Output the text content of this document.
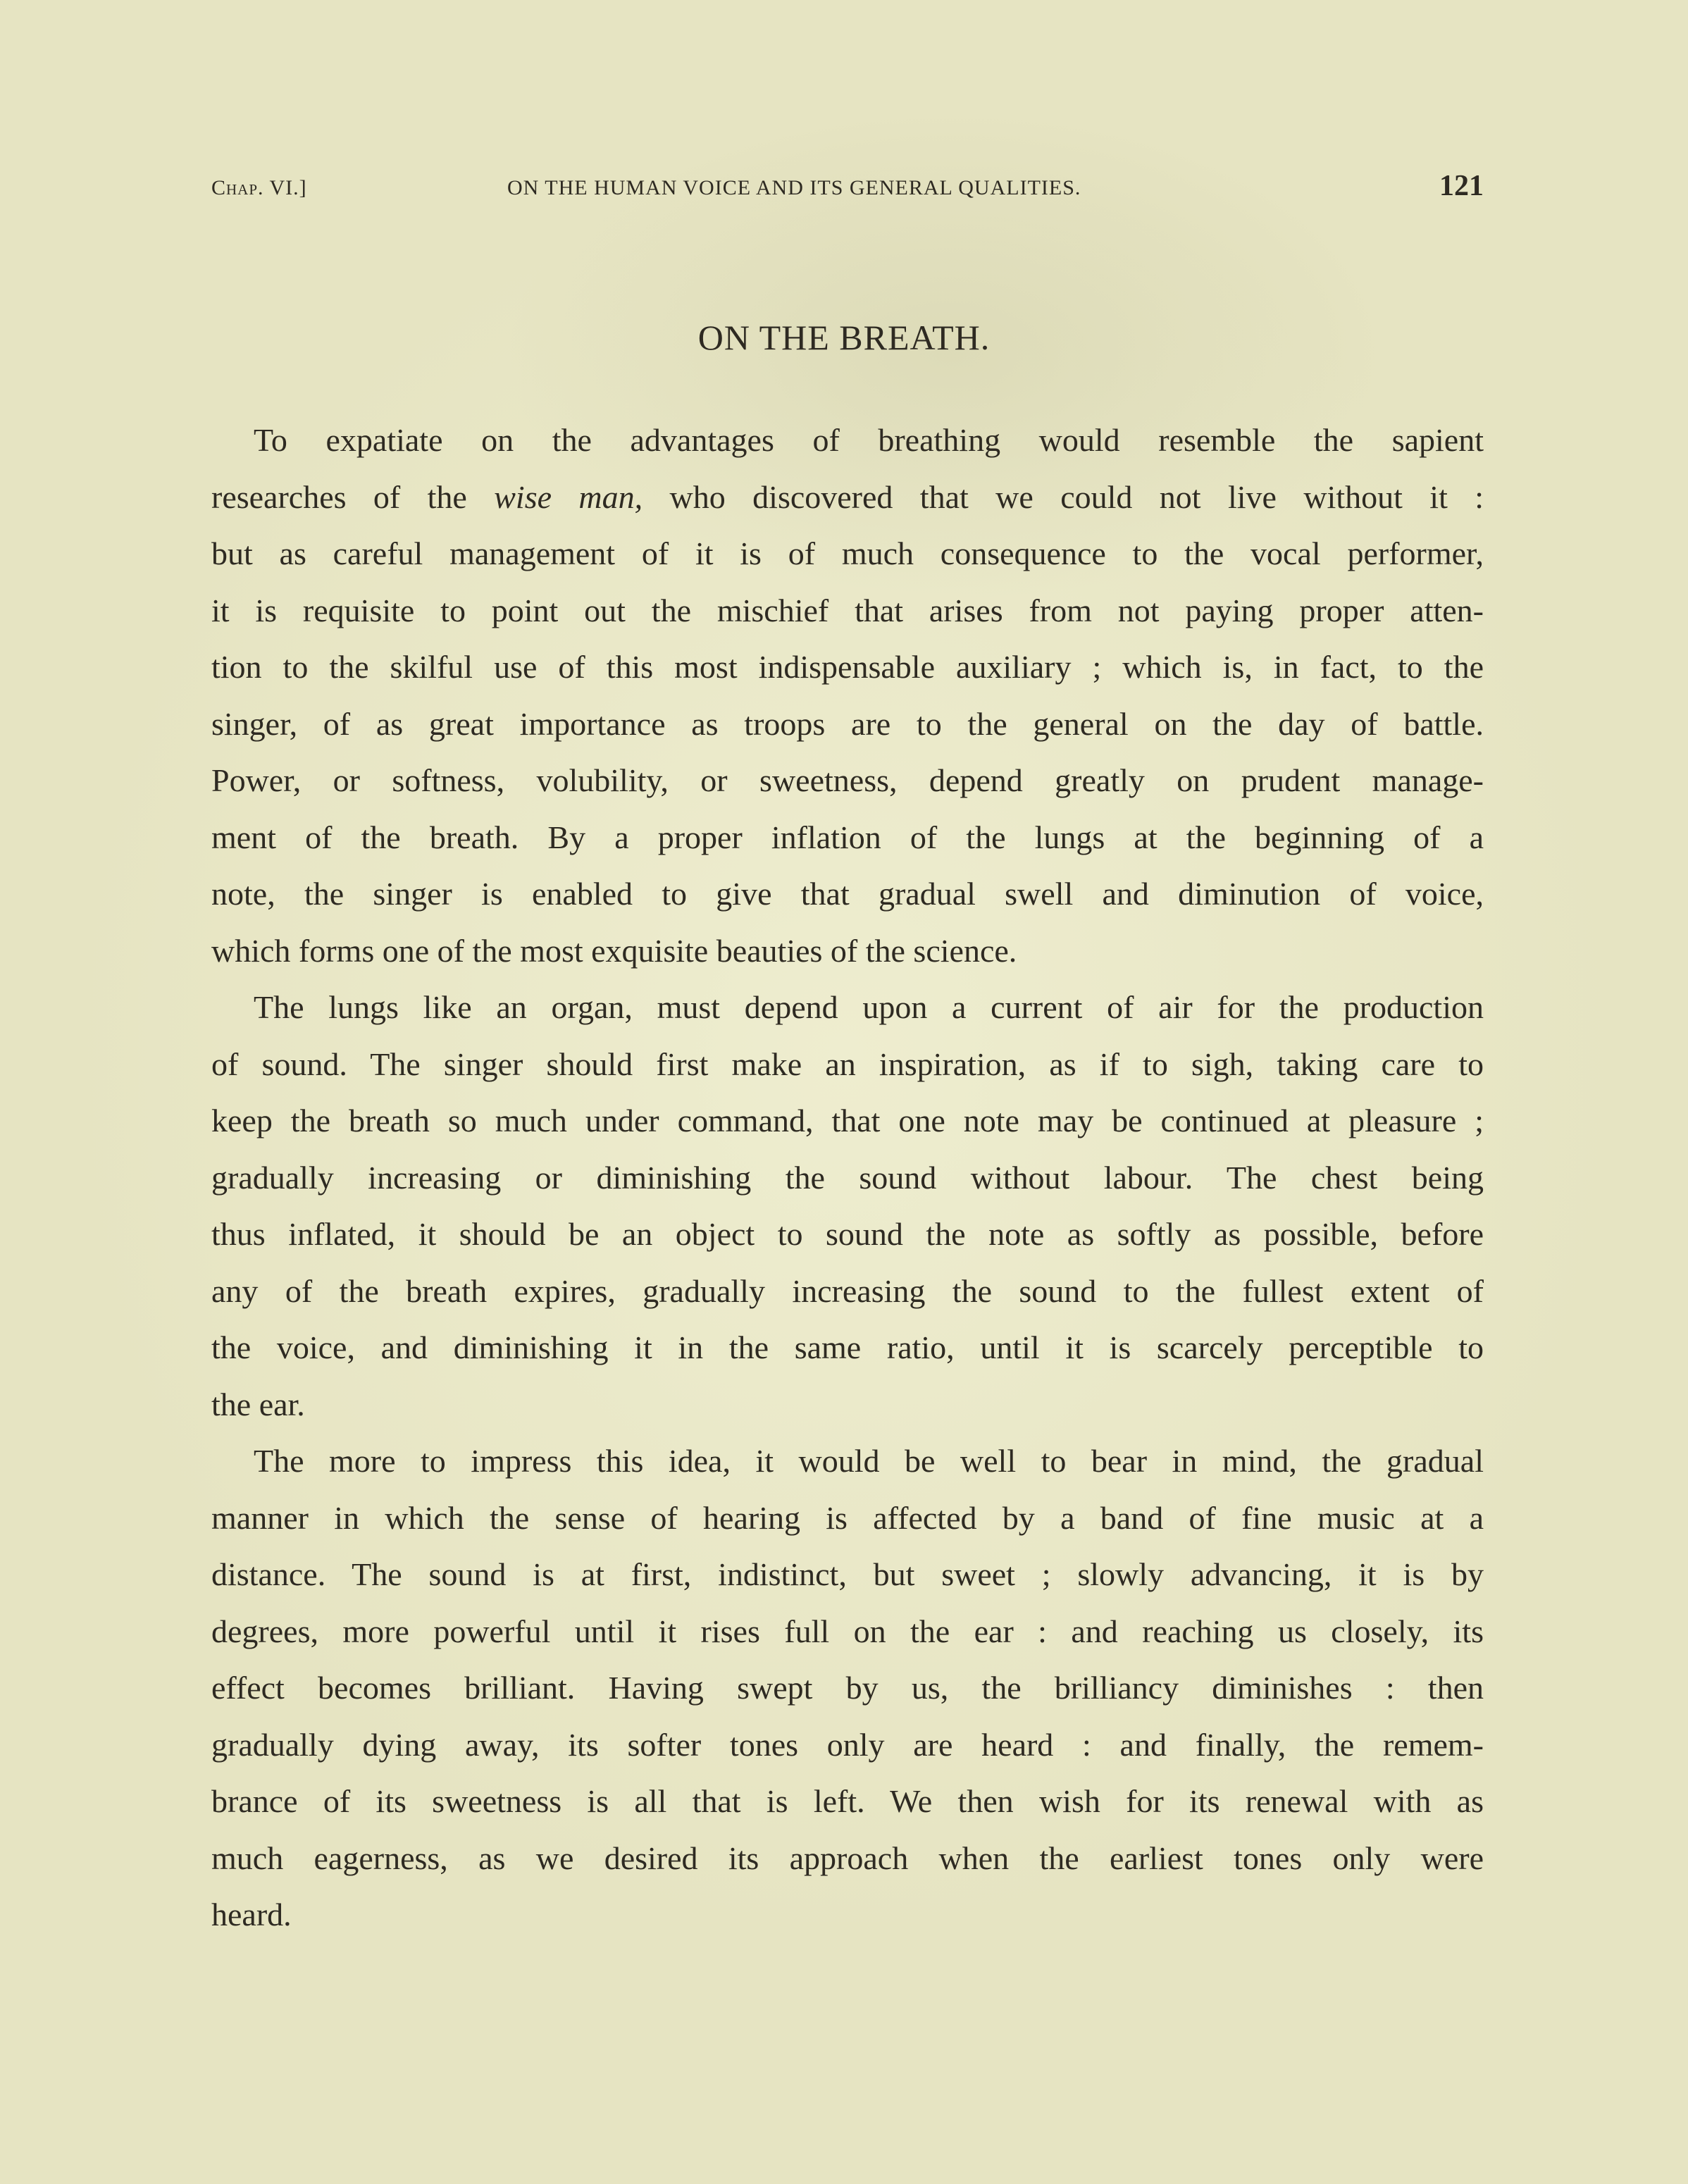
Chap. VI.]	ON THE HUMAN VOICE AND ITS GENERAL QUALITIES.	121
ON THE BREATH.
To expatiate on the advantages of breathing would resemble the sapient
researches of the wise man, who discovered that we could not live without it :
but as careful management of it is of much consequence to the vocal performer,
it is requisite to point out the mischief that arises from not paying proper atten-
tion to the skilful use of this most indispensable auxiliary ; which is, in fact, to the
singer, of as great importance as troops are to the general on the day of battle.
Power, or softness, volubility, or sweetness, depend greatly on prudent manage-
ment of the breath. By a proper inflation of the lungs at the beginning of a
note, the singer is enabled to give that gradual swell and diminution of voice,
which forms one of the most exquisite beauties of the science.
The lungs like an organ, must depend upon a current of air for the production
of sound. The singer should first make an inspiration, as if to sigh, taking care to
keep the breath so much under command, that one note may be continued at pleasure ;
gradually increasing or diminishing the sound without labour. The chest being
thus inflated, it should be an object to sound the note as softly as possible, before
any of the breath expires, gradually increasing the sound to the fullest extent of
the voice, and diminishing it in the same ratio, until it is scarcely perceptible to
the ear.
The more to impress this idea, it would be well to bear in mind, the gradual
manner in which the sense of hearing is affected by a band of fine music at a
distance. The sound is at first, indistinct, but sweet ; slowly advancing, it is by
degrees, more powerful until it rises full on the ear : and reaching us closely, its
effect becomes brilliant. Having swept by us, the brilliancy diminishes : then
gradually dying away, its softer tones only are heard : and finally, the remem-
brance of its sweetness is all that is left. We then wish for its renewal with as
much eagerness, as we desired its approach when the earliest tones only were
heard.
